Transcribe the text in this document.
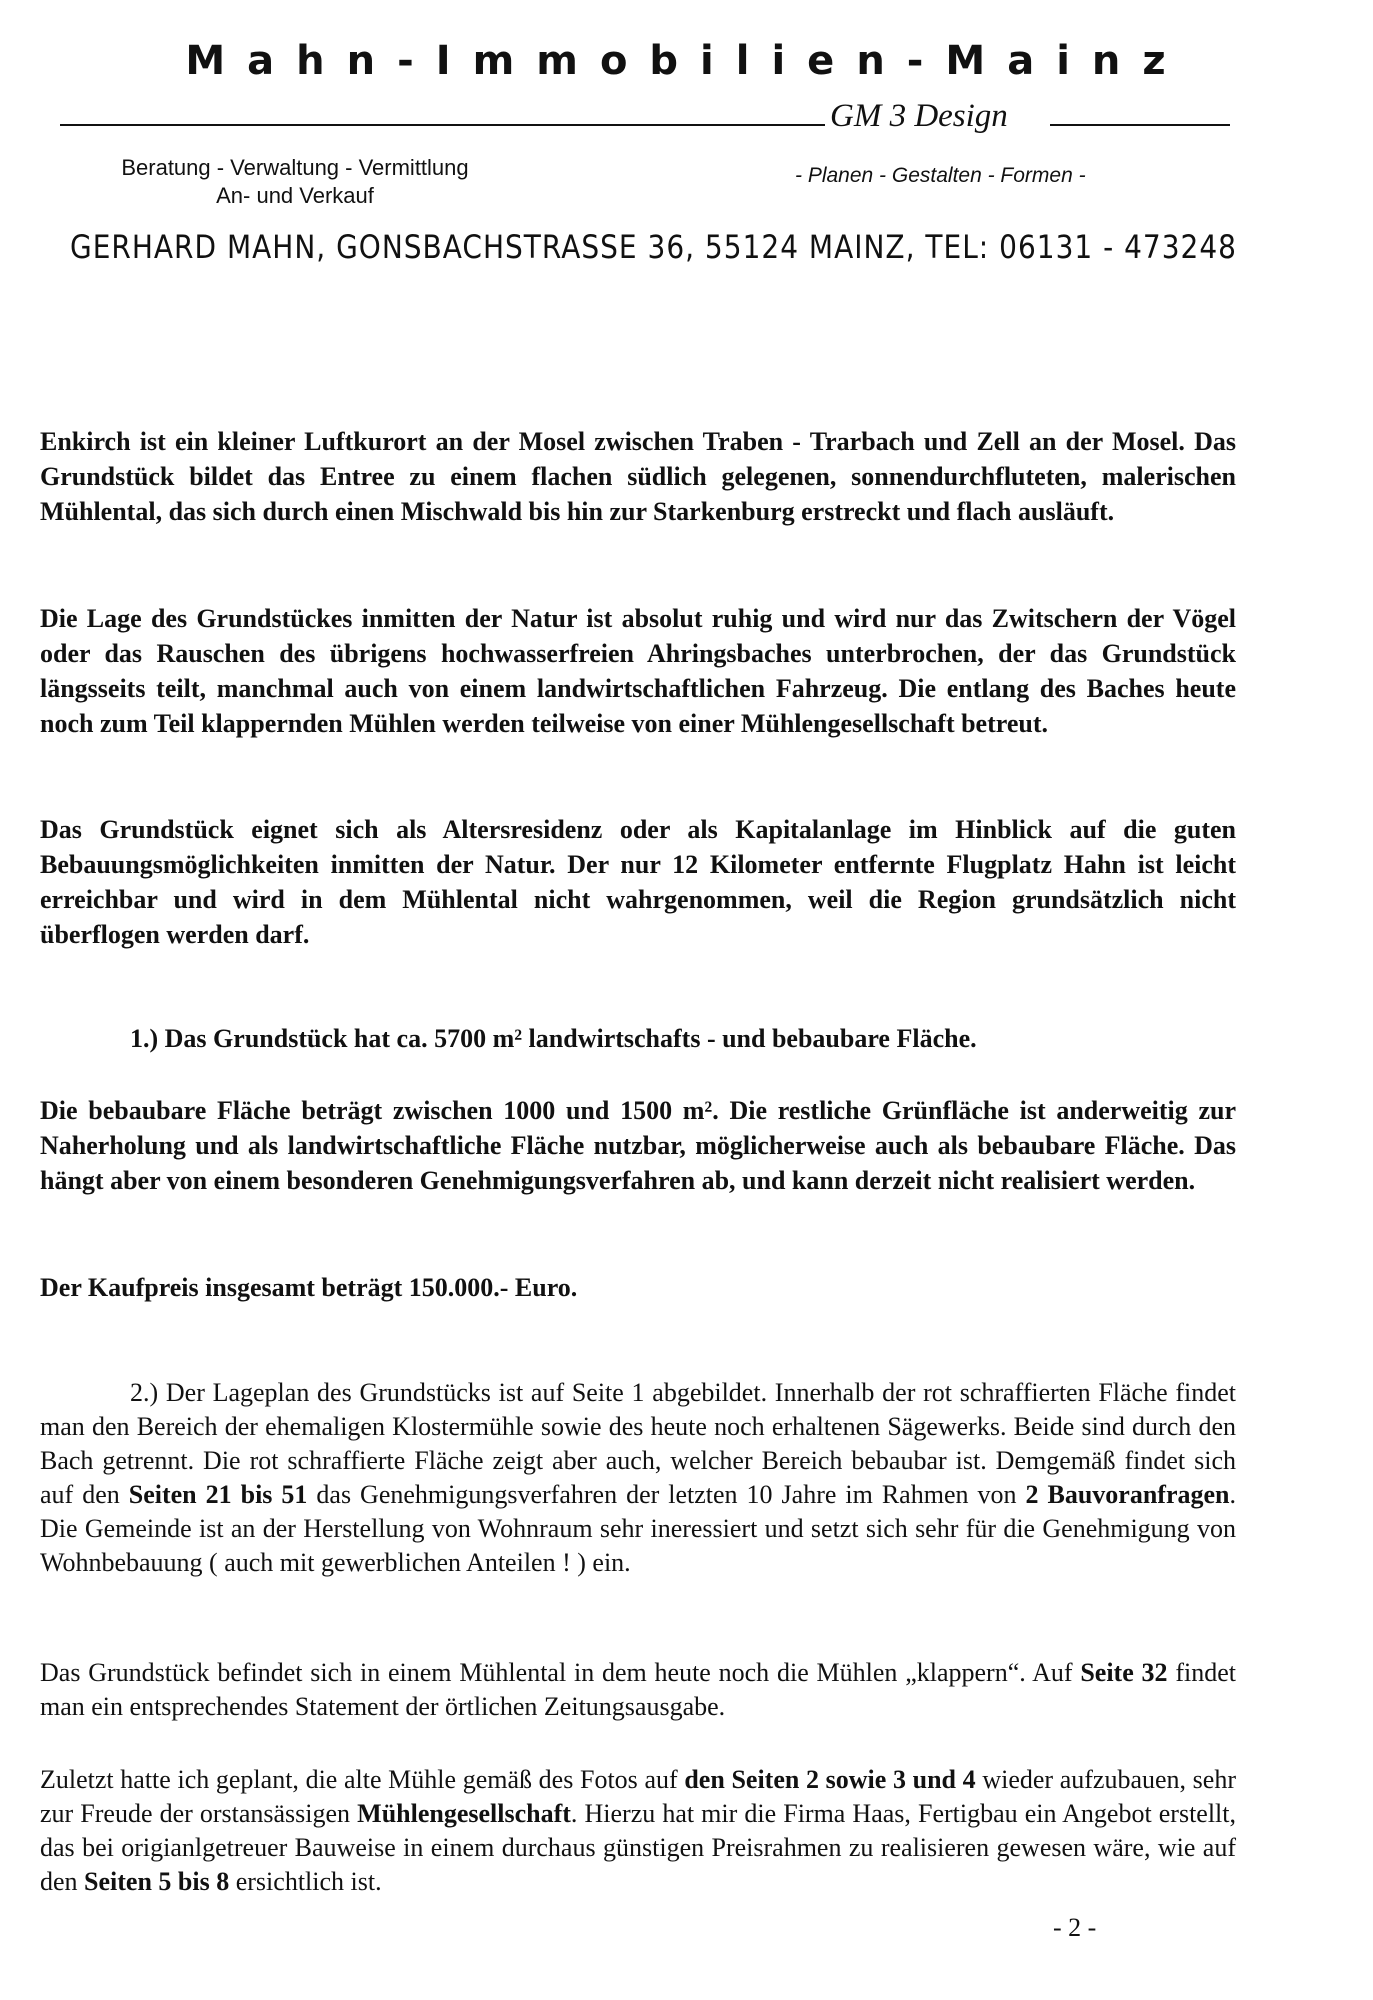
Mahn-Immobilien-Mainz
GM 3 Design
Beratung - Verwaltung - Vermittlung
An- und Verkauf
- Planen - Gestalten - Formen -
GERHARD MAHN, GONSBACHSTRASSE 36, 55124 MAINZ, TEL: 06131 - 473248
Enkirch ist ein kleiner Luftkurort an der Mosel zwischen Traben - Trarbach und Zell an der Mosel. Das Grundstück bildet das Entree zu einem flachen südlich gelegenen, sonnendurchfluteten, malerischen Mühlental, das sich durch einen Mischwald bis hin zur Starkenburg erstreckt und flach ausläuft.
Die Lage des Grundstückes inmitten der Natur ist absolut ruhig und wird nur das Zwitschern der Vögel oder das Rauschen des übrigens hochwasserfreien Ahringsbaches unterbrochen, der das Grundstück längsseits teilt, manchmal auch von einem landwirtschaftlichen Fahrzeug. Die entlang des Baches heute noch zum Teil klappernden Mühlen werden teilweise von einer Mühlengesellschaft betreut.
Das Grundstück eignet sich als Altersresidenz oder als Kapitalanlage im Hinblick auf die guten Bebauungsmöglichkeiten inmitten der Natur. Der nur 12 Kilometer entfernte Flugplatz Hahn ist leicht erreichbar und wird in dem Mühlental nicht wahrgenommen, weil die Region grundsätzlich nicht überflogen werden darf.
1.) Das Grundstück hat ca. 5700 m² landwirtschafts - und bebaubare Fläche.
Die bebaubare Fläche beträgt zwischen 1000 und 1500 m². Die restliche Grünfläche ist anderweitig zur Naherholung und als landwirtschaftliche Fläche nutzbar, möglicherweise auch als bebaubare Fläche. Das hängt aber von einem besonderen Genehmigungsverfahren ab, und kann derzeit nicht realisiert werden.
Der Kaufpreis insgesamt beträgt 150.000.- Euro.
2.) Der Lageplan des Grundstücks ist auf Seite 1 abgebildet. Innerhalb der rot schraffierten Fläche findet man den Bereich der ehemaligen Klostermühle sowie des heute noch erhaltenen Sägewerks. Beide sind durch den Bach getrennt. Die rot schraffierte Fläche zeigt aber auch, welcher Bereich bebaubar ist. Demgemäß findet sich auf den Seiten 21 bis 51 das Genehmigungsverfahren der letzten 10 Jahre im Rahmen von 2 Bauvoranfragen. Die Gemeinde ist an der Herstellung von Wohnraum sehr ineressiert und setzt sich sehr für die Genehmigung von Wohnbebauung ( auch mit gewerblichen Anteilen ! ) ein.
Das Grundstück befindet sich in einem Mühlental in dem heute noch die Mühlen „klappern“. Auf Seite 32 findet man ein entsprechendes Statement der örtlichen Zeitungsausgabe.
Zuletzt hatte ich geplant, die alte Mühle gemäß des Fotos auf den Seiten 2 sowie 3 und 4 wieder aufzubauen, sehr zur Freude der orstansässigen Mühlengesellschaft. Hierzu hat mir die Firma Haas, Fertigbau ein Angebot erstellt, das bei origianlgetreuer Bauweise in einem durchaus günstigen Preisrahmen zu realisieren gewesen wäre, wie auf den Seiten 5 bis 8 ersichtlich ist.
- 2 -
